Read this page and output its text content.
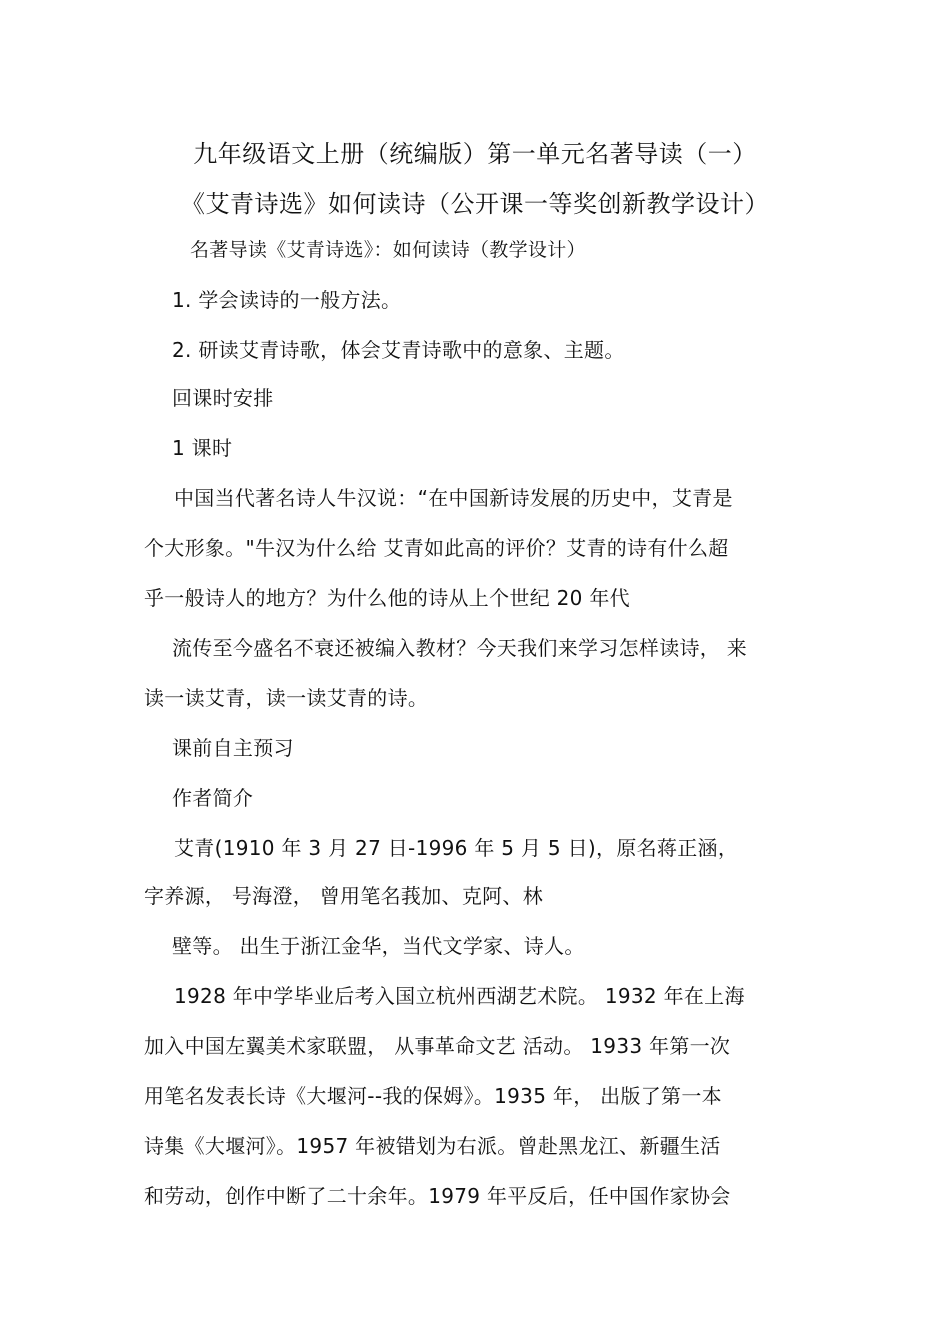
九年级语文上册（统编版）第一单元名著导读（一）
《艾青诗选》如何读诗（公开课一等奖创新教学设计）
名著导读《艾青诗选》：如何读诗（教学设计）
1. 学会读诗的一般方法。
2. 研读艾青诗歌，体会艾青诗歌中的意象、主题。
回课时安排
1 课时
中国当代著名诗人牛汉说：“在中国新诗发展的历史中，艾青是
个大形象。"牛汉为什么给 艾青如此高的评价？艾青的诗有什么超
乎一般诗人的地方？为什么他的诗从上个世纪 20 年代
流传至今盛名不衰还被编入教材？今天我们来学习怎样读诗， 来
读一读艾青，读一读艾青的诗。
课前自主预习
作者简介
艾青(1910 年 3 月 27 日-1996 年 5 月 5 日)，原名蒋正涵，
字养源， 号海澄， 曾用笔名莪加、克阿、林
壁等。 出生于浙江金华，当代文学家、诗人。
1928 年中学毕业后考入国立杭州西湖艺术院。 1932 年在上海
加入中国左翼美术家联盟， 从事革命文艺 活动。 1933 年第一次
用笔名发表长诗《大堰河--我的保姆》。1935 年， 出版了第一本
诗集《大堰河》。1957 年被错划为右派。曾赴黑龙江、新疆生活
和劳动，创作中断了二十余年。1979 年平反后，任中国作家协会
